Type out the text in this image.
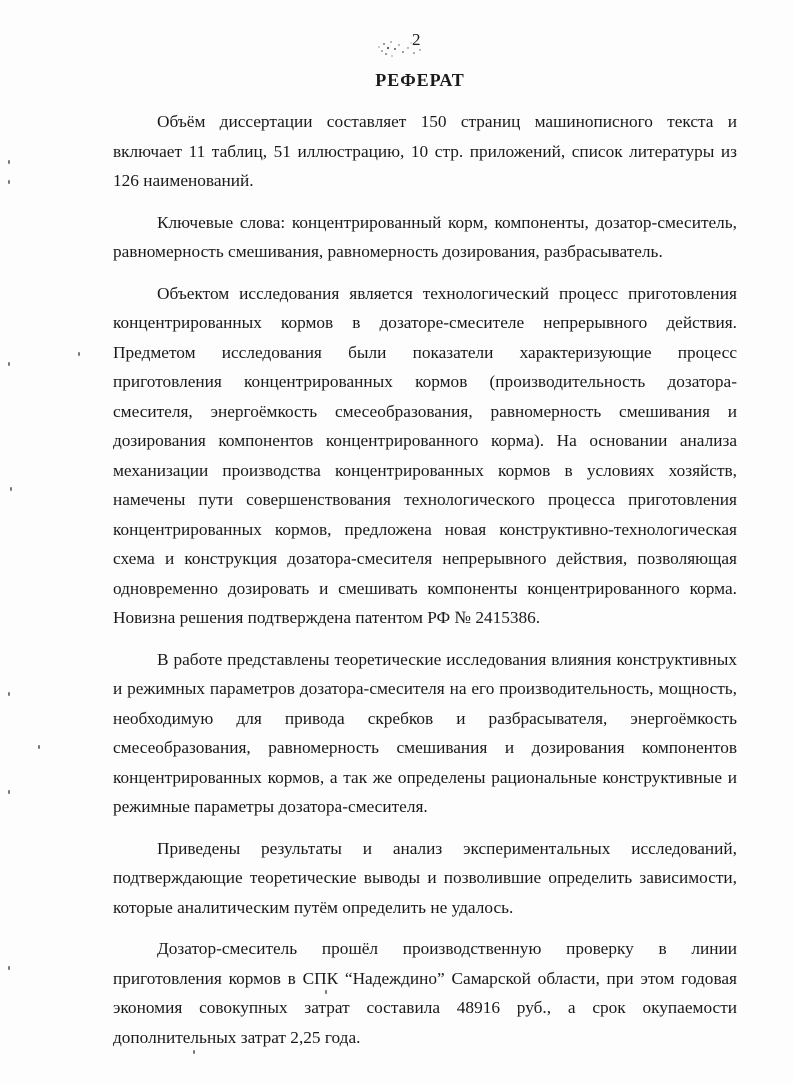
2
РЕФЕРАТ

Объём диссертации составляет 150 страниц машинописного текста и включает 11 таблиц, 51 иллюстрацию, 10 стр. приложений, список литературы из 126 наименований.

Ключевые слова: концентрированный корм, компоненты, дозатор-смеситель, равномерность смешивания, равномерность дозирования, разбрасыватель.

Объектом исследования является технологический процесс приготовления концентрированных кормов в дозаторе-смесителе непрерывного действия. Предметом исследования были показатели характеризующие процесс приготовления концентрированных кормов (производительность дозатора-смесителя, энергоёмкость смесеобразования, равномерность смешивания и дозирования компонентов концентрированного корма). На основании анализа механизации производства концентрированных кормов в условиях хозяйств, намечены пути совершенствования технологического процесса приготовления концентрированных кормов, предложена новая конструктивно-технологическая схема и конструкция дозатора-смесителя непрерывного действия, позволяющая одновременно дозировать и смешивать компоненты концентрированного корма. Новизна решения подтверждена патентом РФ № 2415386.

В работе представлены теоретические исследования влияния конструктивных и режимных параметров дозатора-смесителя на его производительность, мощность, необходимую для привода скребков и разбрасывателя, энергоёмкость смесеобразования, равномерность смешивания и дозирования компонентов концентрированных кормов, а так же определены рациональные конструктивные и режимные параметры дозатора-смесителя.

Приведены результаты и анализ экспериментальных исследований, подтверждающие теоретические выводы и позволившие определить зависимости, которые аналитическим путём определить не удалось.

Дозатор-смеситель прошёл производственную проверку в линии приготовления кормов в СПК “Надеждино” Самарской области, при этом годовая экономия совокупных затрат составила 48916 руб., а срок окупаемости дополнительных затрат 2,25 года.
